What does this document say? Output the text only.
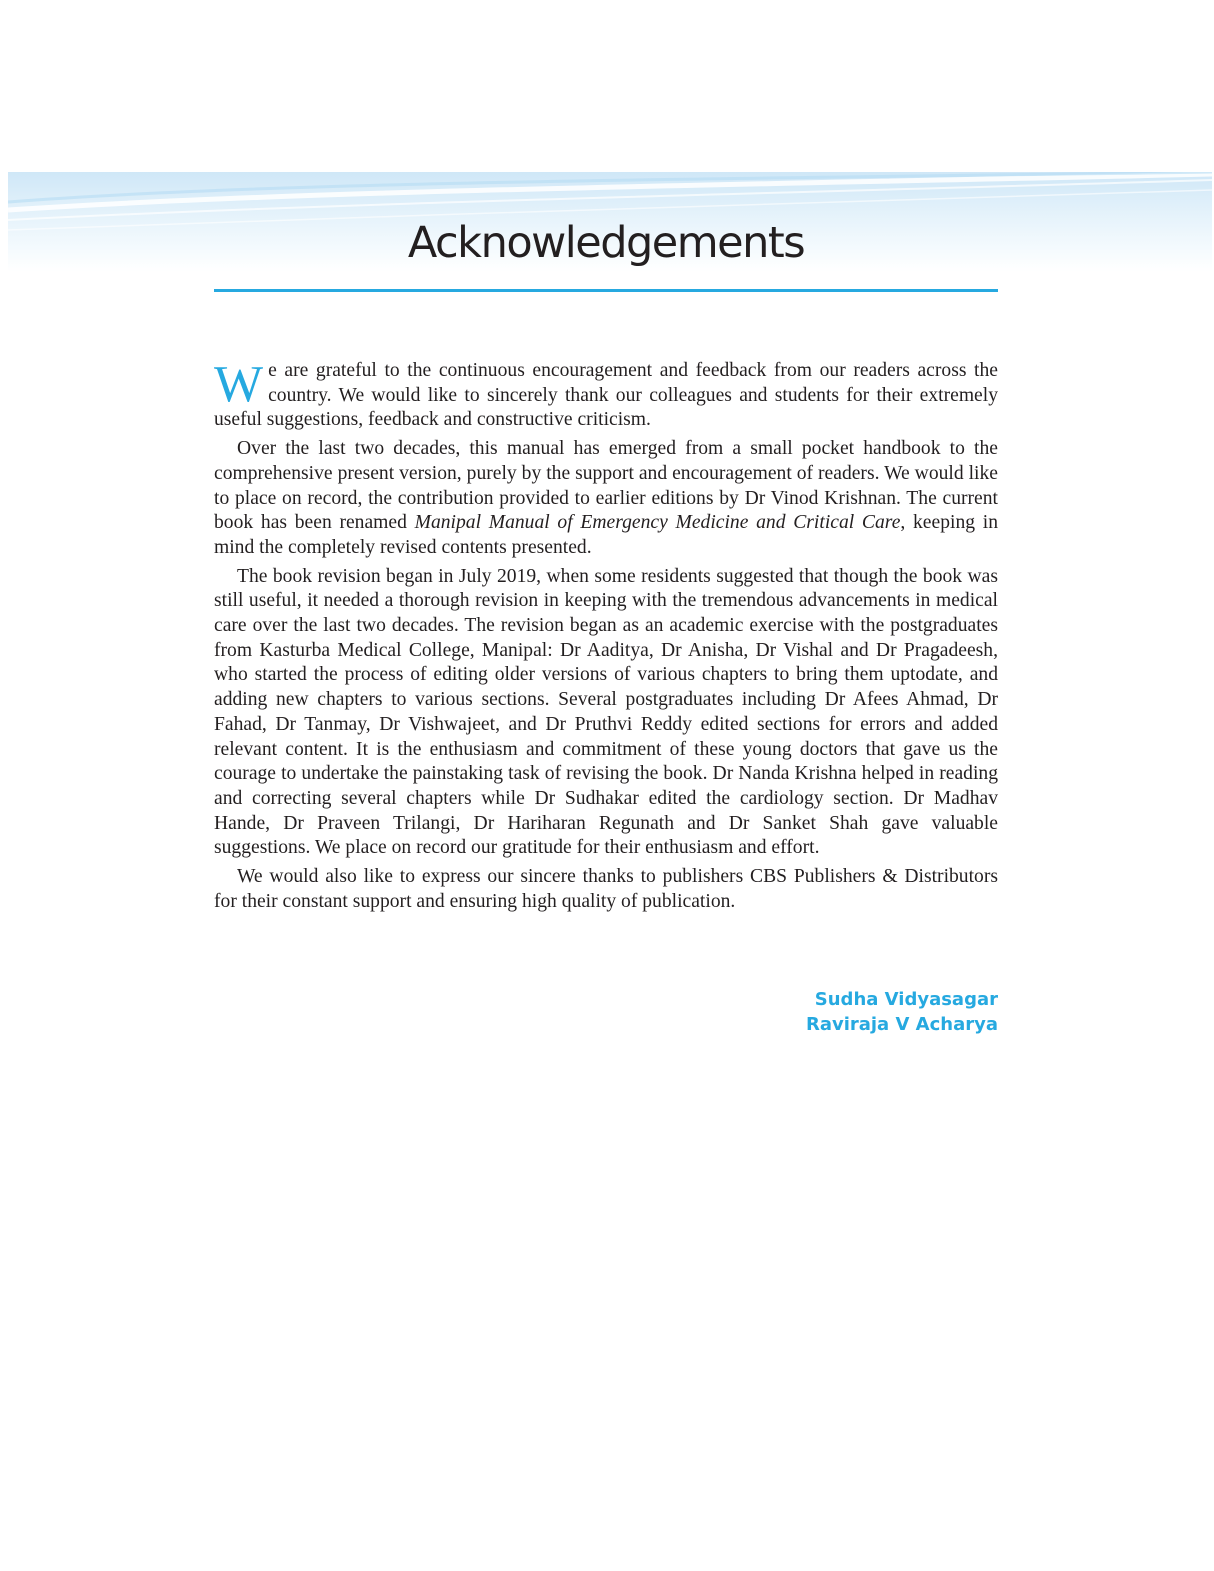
Acknowledgements

We are grateful to the continuous encouragement and feedback from our readers across the country. We would like to sincerely thank our colleagues and students for their extremely useful suggestions, feedback and constructive criticism.

Over the last two decades, this manual has emerged from a small pocket handbook to the comprehensive present version, purely by the support and encouragement of readers. We would like to place on record, the contribution provided to earlier editions by Dr Vinod Krishnan. The current book has been renamed Manipal Manual of Emergency Medicine and Critical Care, keeping in mind the completely revised contents presented.

The book revision began in July 2019, when some residents suggested that though the book was still useful, it needed a thorough revision in keeping with the tremendous advancements in medical care over the last two decades. The revision began as an academic exercise with the postgraduates from Kasturba Medical College, Manipal: Dr Aaditya, Dr Anisha, Dr Vishal and Dr Pragadeesh, who started the process of editing older versions of various chapters to bring them uptodate, and adding new chapters to various sections. Several postgraduates including Dr Afees Ahmad, Dr Fahad, Dr Tanmay, Dr Vishwajeet, and Dr Pruthvi Reddy edited sections for errors and added relevant content. It is the enthusiasm and commitment of these young doctors that gave us the courage to undertake the painstaking task of revising the book. Dr Nanda Krishna helped in reading and correcting several chapters while Dr Sudhakar edited the cardiology section. Dr Madhav Hande, Dr Praveen Trilangi, Dr Hariharan Regunath and Dr Sanket Shah gave valuable suggestions. We place on record our gratitude for their enthusiasm and effort.

We would also like to express our sincere thanks to publishers CBS Publishers & Distributors for their constant support and ensuring high quality of publication.

Sudha Vidyasagar
Raviraja V Acharya
